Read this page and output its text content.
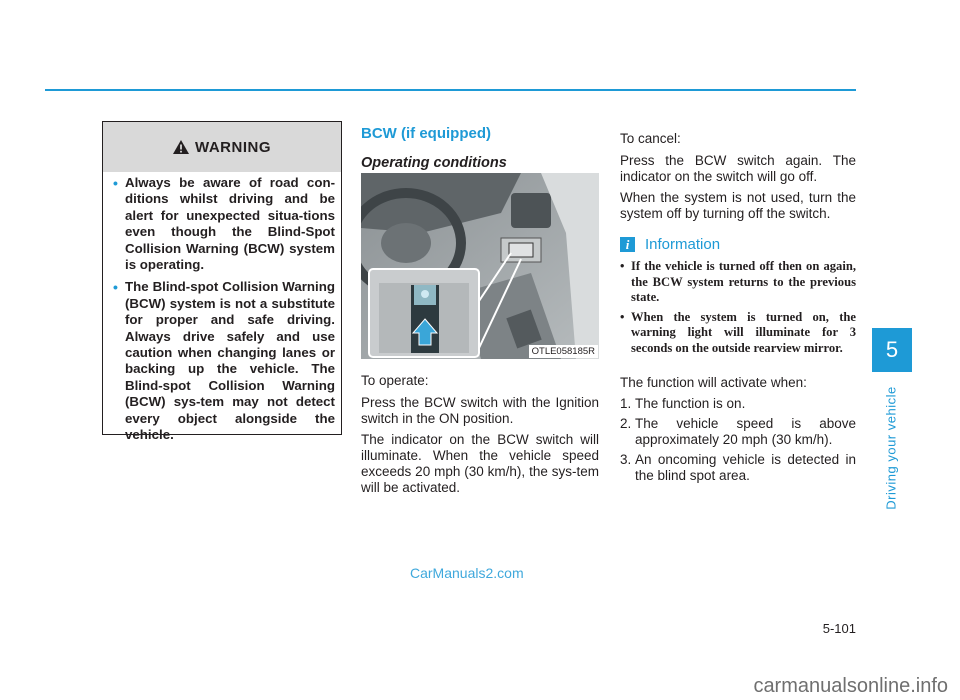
WARNING
• Always be aware of road con-ditions whilst driving and be alert for unexpected situa-tions even though the Blind-Spot Collision Warning (BCW) system is operating.
• The Blind-spot Collision Warning (BCW) system is not a substitute for proper and safe driving. Always drive safely and use caution when changing lanes or backing up the vehicle. The Blind-spot Collision Warning (BCW) sys-tem may not detect every object alongside the vehicle.
BCW (if equipped)
Operating conditions
OTLE058185R

To operate:

Press the BCW switch with the Ignition switch in the ON position.

The indicator on the BCW switch will illuminate. When the vehicle speed exceeds 20 mph (30 km/h), the sys-tem will be activated.

To cancel:

Press the BCW switch again. The indicator on the switch will go off.

When the system is not used, turn the system off by turning off the switch.

i	Information
• If the vehicle is turned off then on again, the BCW system returns to the previous state.
• When the system is turned on, the warning light will illuminate for 3 seconds on the outside rearview mirror.

The function will activate when:

1. The function is on.
2. The vehicle speed is above approximately 20 mph (30 km/h).
3. An oncoming vehicle is detected in the blind spot area.
5
Driving your vehicle
5-101
CarManuals2.com
carmanualsonline.info
